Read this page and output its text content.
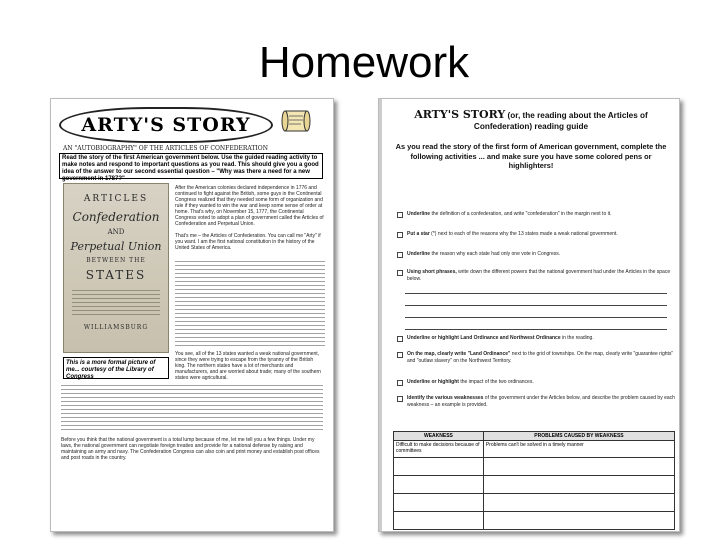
Homework
ARTY'S STORY
AN "AUTOBIOGRAPHY" OF THE ARTICLES OF CONFEDERATION
Read the story of the first American government below. Use the guided reading activity to make notes and respond to important questions as you read. This should give you a good idea of the answer to our second essential question – "Why was there a need for a new government in 1787?"
ARTICLES
Confederation
AND
Perpetual Union
BETWEEN THE
STATES
WILLIAMSBURG
This is a more formal picture of me... courtesy of the Library of Congress
After the American colonies declared independence in 1776 and continued to fight against the British, some guys in the Continental Congress realized that they needed some form of organization and rule if they wanted to win the war and keep some sense of order at home. That's why, on November 15, 1777, the Continental Congress voted to adopt a plan of government called the Articles of Confederation and Perpetual Union.
That's me – the Articles of Confederation. You can call me "Arty" if you want. I am the first national constitution in the history of the United States of America.
You see, all of the 13 states wanted a weak national government, since they were trying to escape from the tyranny of the British king. The northern states have a lot of merchants and manufacturers, and are worried about trade; many of the southern states were agricultural.
Before you think that the national government is a total lump because of me, let me tell you a few things. Under my laws, the national government can negotiate foreign treaties and provide for a national defense by raising and maintaining an army and navy. The Confederation Congress can also coin and print money and establish post offices and post roads in the country.
ARTY'S STORY (or, the reading about the Articles of Confederation) reading guide
As you read the story of the first form of American government, complete the following activities ... and make sure you have some colored pens or highlighters!
Underline the definition of a confederation, and write "confederation" in the margin next to it.
Put a star (*) next to each of the reasons why the 13 states made a weak national government.
Underline the reason why each state had only one vote in Congress.
Using short phrases, write down the different powers that the national government had under the Articles in the space below.
Underline or highlight Land Ordinance and Northwest Ordinance in the reading.
On the map, clearly write "Land Ordinance" next to the grid of townships. On the map, clearly write "guarantee rights" and "outlaw slavery" on the Northwest Territory.
Underline or highlight the impact of the two ordinances.
Identify the various weaknesses of the government under the Articles below, and describe the problem caused by each weakness – an example is provided.
WEAKNESS	PROBLEMS CAUSED BY WEAKNESS
Difficult to make decisions because of committees	Problems can't be solved in a timely manner
